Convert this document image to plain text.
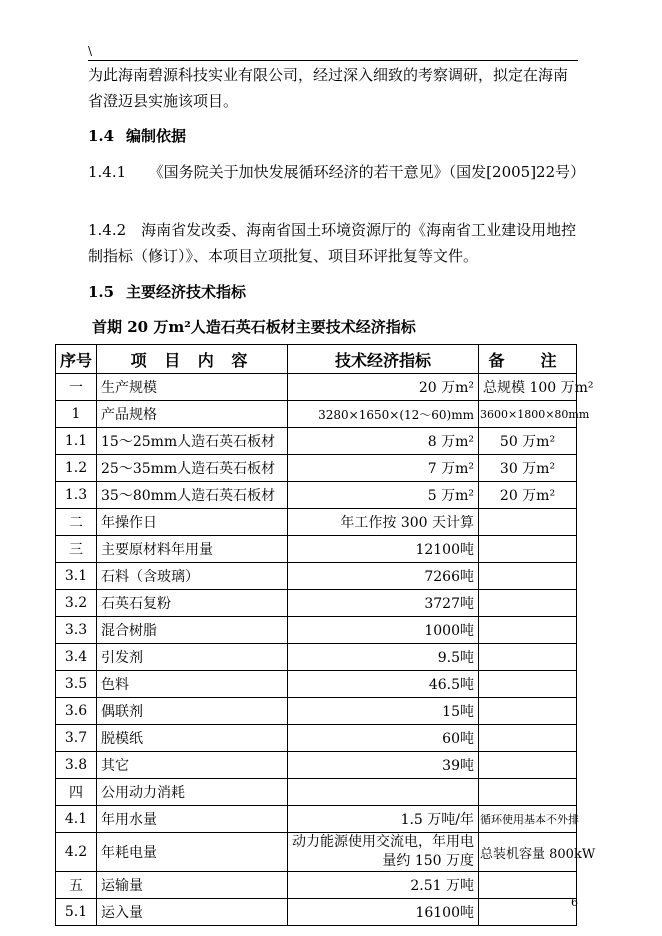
\

为此海南碧源科技实业有限公司，经过深入细致的考察调研，拟定在海南省澄迈县实施该项目。

1.4 编制依据

1.4.1　　《国务院关于加快发展循环经济的若干意见》（国发[2005]22号）

1.4.2　海南省发改委、海南省国土环境资源厅的《海南省工业建设用地控制指标（修订）》、本项目立项批复、项目环评批复等文件。

1.5 主要经济技术指标

首期 20 万m²人造石英石板材主要技术经济指标
序号	项 目 内 容	技术经济指标	备　注
一	生产规模	20 万m²	总规模 100 万m²
1	产品规格	3280×1650×(12～60)mm	3600×1800×80mm
1.1	15～25mm人造石英石板材	8 万m²	50 万m²
1.2	25～35mm人造石英石板材	7 万m²	30 万m²
1.3	35～80mm人造石英石板材	5 万m²	20 万m²
二	年操作日	年工作按 300 天计算	
三	主要原材料年用量	12100吨	
3.1	石料（含玻璃）	7266吨	
3.2	石英石复粉	3727吨	
3.3	混合树脂	1000吨	
3.4	引发剂	9.5吨	
3.5	色料	46.5吨	
3.6	偶联剂	15吨	
3.7	脱模纸	60吨	
3.8	其它	39吨	
四	公用动力消耗		
4.1	年用水量	1.5 万吨/年	循环使用基本不外排
4.2	年耗电量	动力能源使用交流电，年用电量约 150 万度	总装机容量 800kW
五	运输量	2.51 万吨	
5.1	运入量	16100吨	
6
